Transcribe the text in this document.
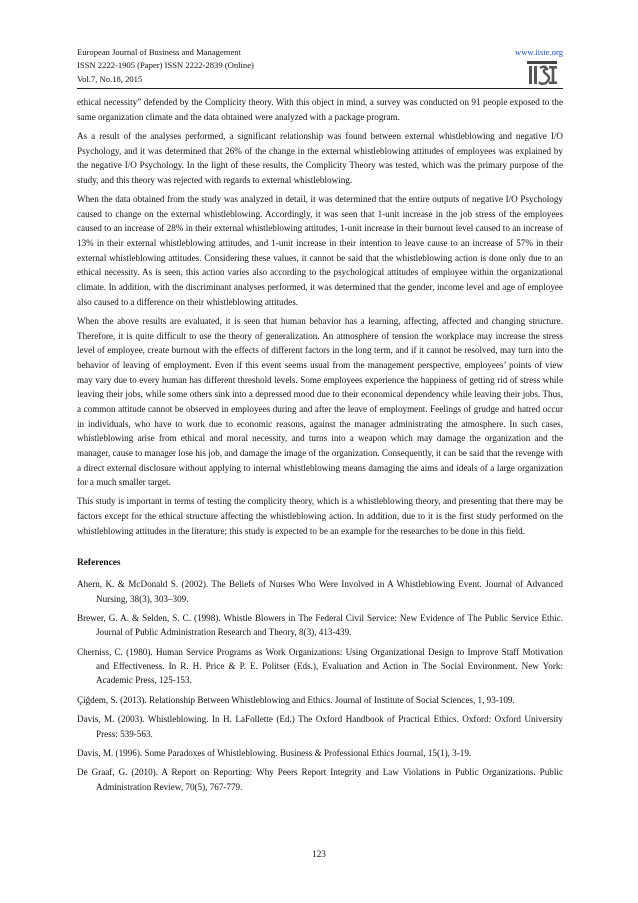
European Journal of Business and Management
ISSN 2222-1905 (Paper) ISSN 2222-2839 (Online)
Vol.7, No.18, 2015
www.iiste.org

ethical necessity” defended by the Complicity theory. With this object in mind, a survey was conducted on 91 people exposed to the same organization climate and the data obtained were analyzed with a package program.

As a result of the analyses performed, a significant relationship was found between external whistleblowing and negative I/O Psychology, and it was determined that 26% of the change in the external whistleblowing attitudes of employees was explained by the negative I/O Psychology. In the light of these results, the Complicity Theory was tested, which was the primary purpose of the study, and this theory was rejected with regards to external whistleblowing.

When the data obtained from the study was analyzed in detail, it was determined that the entire outputs of negative I/O Psychology caused to change on the external whistleblowing. Accordingly, it was seen that 1-unit increase in the job stress of the employees caused to an increase of 28% in their external whistleblowing attitudes, 1-unit increase in their burnout level caused to an increase of 13% in their external whistleblowing attitudes, and 1-unit increase in their intention to leave cause to an increase of 57% in their external whistleblowing attitudes. Considering these values, it cannot be said that the whistleblowing action is done only due to an ethical necessity. As is seen, this action varies also according to the psychological attitudes of employee within the organizational climate. In addition, with the discriminant analyses performed, it was determined that the gender, income level and age of employee also caused to a difference on their whistleblowing attitudes.

When the above results are evaluated, it is seen that human behavior has a learning, affecting, affected and changing structure. Therefore, it is quite difficult to use the theory of generalization. An atmosphere of tension the workplace may increase the stress level of employee, create burnout with the effects of different factors in the long term, and if it cannot be resolved, may turn into the behavior of leaving of employment. Even if this event seems usual from the management perspective, employees’ points of view may vary due to every human has different threshold levels. Some employees experience the happiness of getting rid of stress while leaving their jobs, while some others sink into a depressed mood due to their economical dependency while leaving their jobs. Thus, a common attitude cannot be observed in employees during and after the leave of employment. Feelings of grudge and hatred occur in individuals, who have to work due to economic reasons, against the manager administrating the atmosphere. In such cases, whistleblowing arise from ethical and moral necessity, and turns into a weapon which may damage the organization and the manager, cause to manager lose his job, and damage the image of the organization. Consequently, it can be said that the revenge with a direct external disclosure without applying to internal whistleblowing means damaging the aims and ideals of a large organization for a much smaller target.

This study is important in terms of testing the complicity theory, which is a whistleblowing theory, and presenting that there may be factors except for the ethical structure affecting the whistleblowing action. In addition, due to it is the first study performed on the whistleblowing attitudes in the literature; this study is expected to be an example for the researches to be done in this field.

References

Ahern, K. & McDonald S. (2002). The Beliefs of Nurses Who Were Involved in A Whistleblowing Event. Journal of Advanced Nursing, 38(3), 303–309.

Brewer, G. A. & Selden, S. C. (1998). Whistle Blowers in The Federal Civil Service: New Evidence of The Public Service Ethic. Journal of Public Administration Research and Theory, 8(3), 413-439.

Cherniss, C. (1980). Human Service Programs as Work Organizations: Using Organizational Design to Improve Staff Motivation and Effectiveness. In R. H. Price & P. E. Politser (Eds.), Evaluation and Action in The Social Environment. New York: Academic Press, 125-153.

Çiğdem, S. (2013). Relationship Between Whistleblowing and Ethics. Journal of Institute of Social Sciences, 1, 93-109.

Davis, M. (2003). Whistleblowing. In H. LaFollette (Ed.) The Oxford Handbook of Practical Ethics. Oxford: Oxford University Press: 539-563.

Davis, M. (1996). Some Paradoxes of Whistleblowing. Business & Professional Ethics Journal, 15(1), 3-19.

De Graaf, G. (2010). A Report on Reporting: Why Peers Report Integrity and Law Violations in Public Organizations. Public Administration Review, 70(5), 767-779.

123
